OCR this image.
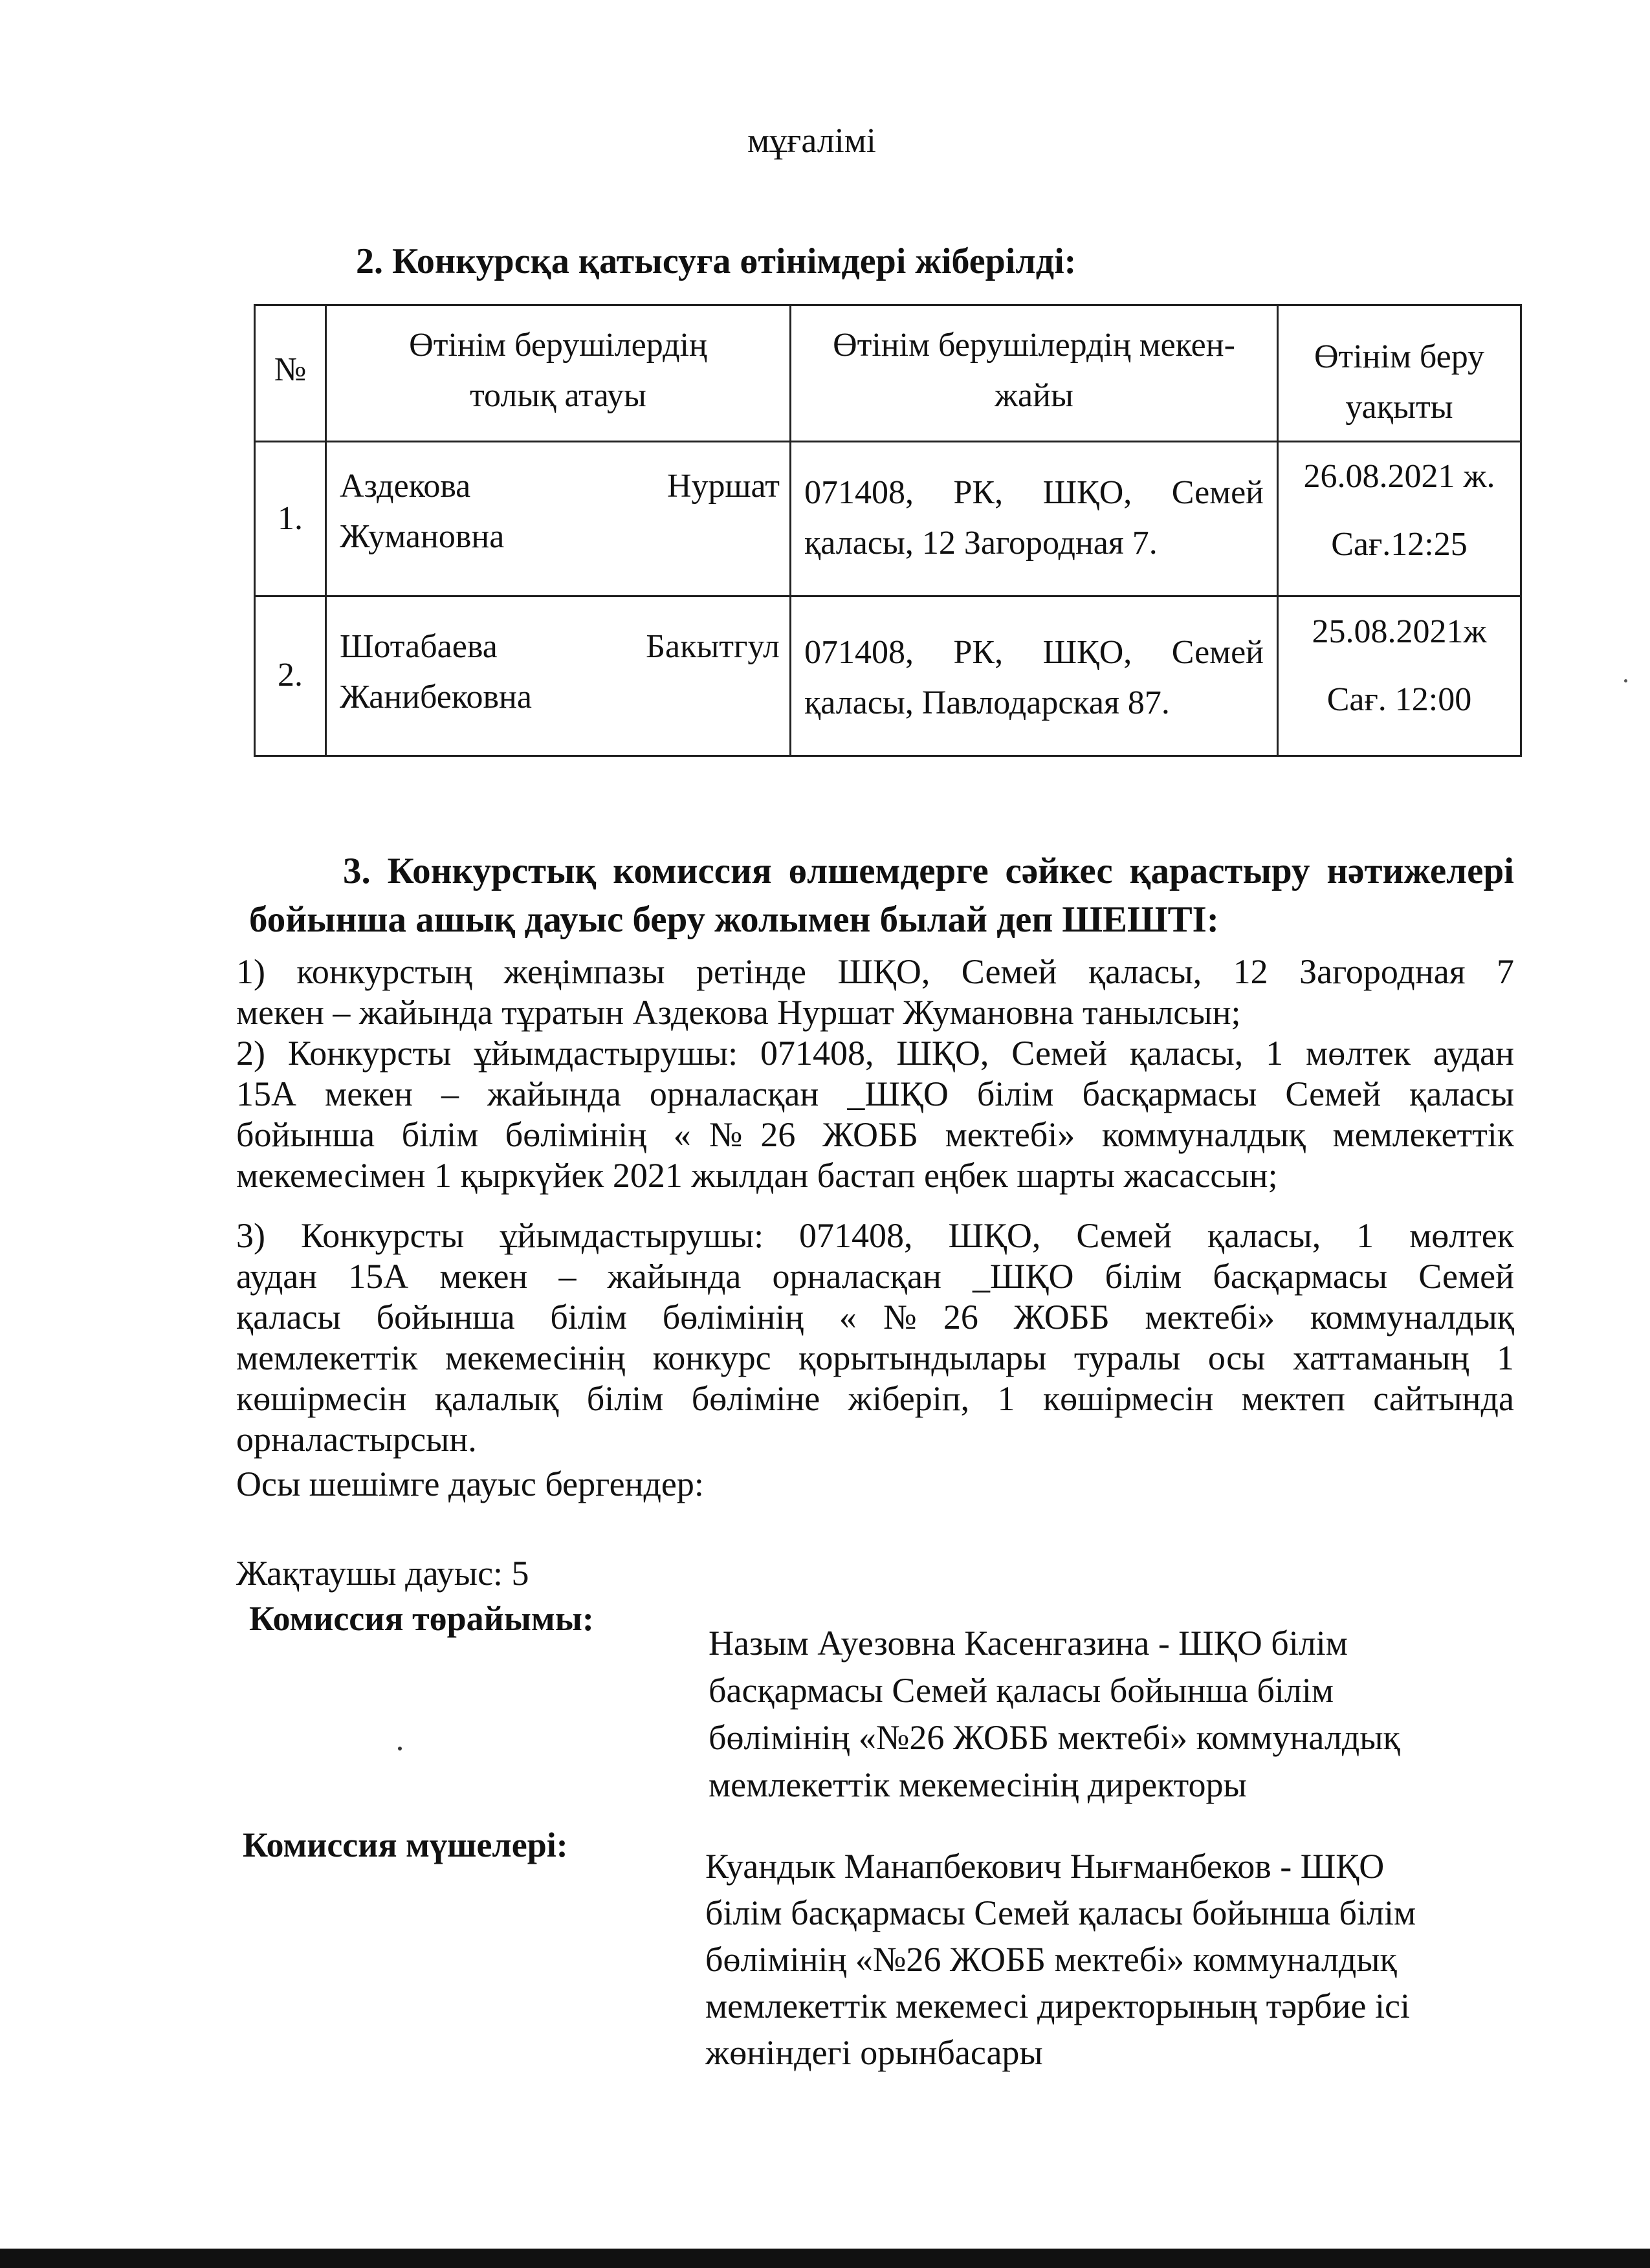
мұғалімі
2. Конкурсқа қатысуға өтінімдері жіберілді:
№
Өтінім берушілердің
толық атауы
Өтінім берушілердің мекен-
жайы
Өтінім беру
уақыты
1.
Аздекова	Нуршат
Жумановна
071408, РК, ШҚО, Семей
қаласы, 12 Загородная 7.
26.08.2021 ж.
Сағ.12:25
2.
Шотабаева	Бакытгул
Жанибековна
071408, РК, ШҚО, Семей
қаласы, Павлодарская 87.
25.08.2021ж
Сағ. 12:00
3. Конкурстық комиссия өлшемдерге сәйкес қарастыру нәтижелері
бойынша ашық дауыс беру жолымен былай деп ШЕШТІ:
1) конкурстың жеңімпазы ретінде ШҚО, Семей қаласы, 12 Загородная 7
мекен – жайында тұратын Аздекова Нуршат Жумановна танылсын;
2) Конкурсты ұйымдастырушы: 071408, ШҚО, Семей қаласы, 1 мөлтек аудан
15А мекен – жайында орналасқан _ШҚО білім басқармасы Семей қаласы
бойынша білім бөлімінің «№26 ЖОББ мектебі» коммуналдық мемлекеттік
мекемесімен 1 қыркүйек 2021 жылдан бастап еңбек шарты жасассын;
3) Конкурсты ұйымдастырушы: 071408, ШҚО, Семей қаласы, 1 мөлтек
аудан 15А мекен – жайында орналасқан _ШҚО білім басқармасы Семей
қаласы бойынша білім бөлімінің «№26 ЖОББ мектебі» коммуналдық
мемлекеттік мекемесінің конкурс қорытындылары туралы осы хаттаманың 1
көшірмесін қалалық білім бөліміне жіберіп, 1 көшірмесін мектеп сайтында
орналастырсын.
Осы шешімге дауыс бергендер:
Жақтаушы дауыс: 5
Комиссия төрайымы:
Назым Ауезовна Касенгазина - ШҚО білім
басқармасы Семей қаласы бойынша білім
бөлімінің «№26 ЖОББ мектебі» коммуналдық
мемлекеттік мекемесінің директоры
Комиссия мүшелері:
Куандык Манапбекович Нығманбеков - ШҚО
білім басқармасы Семей қаласы бойынша білім
бөлімінің «№26 ЖОББ мектебі» коммуналдық
мемлекеттік мекемесі директорының тәрбие ісі
жөніндегі орынбасары
